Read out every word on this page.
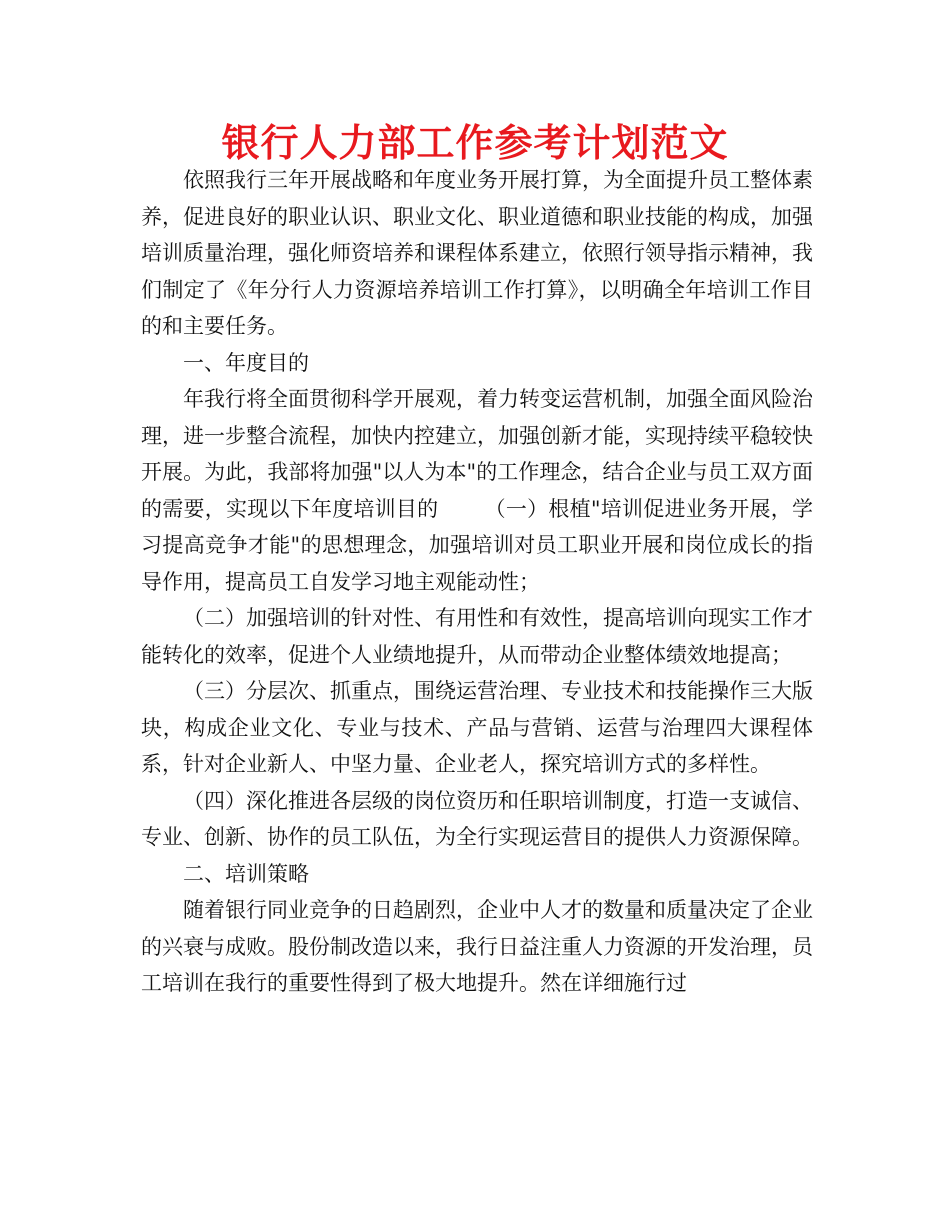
银行人力部工作参考计划范文

依照我行三年开展战略和年度业务开展打算，为全面提升员工整体素养，促进良好的职业认识、职业文化、职业道德和职业技能的构成，加强培训质量治理，强化师资培养和课程体系建立，依照行领导指示精神，我们制定了《年分行人力资源培养培训工作打算》，以明确全年培训工作目的和主要任务。

一、年度目的

年我行将全面贯彻科学开展观，着力转变运营机制，加强全面风险治理，进一步整合流程，加快内控建立，加强创新才能，实现持续平稳较快开展。为此，我部将加强"以人为本"的工作理念，结合企业与员工双方面的需要，实现以下年度培训目的 （一）根植"培训促进业务开展，学习提高竞争才能"的思想理念，加强培训对员工职业开展和岗位成长的指导作用，提高员工自发学习地主观能动性；

（二）加强培训的针对性、有用性和有效性，提高培训向现实工作才能转化的效率，促进个人业绩地提升，从而带动企业整体绩效地提高；

（三）分层次、抓重点，围绕运营治理、专业技术和技能操作三大版块，构成企业文化、专业与技术、产品与营销、运营与治理四大课程体系，针对企业新人、中坚力量、企业老人，探究培训方式的多样性。

（四）深化推进各层级的岗位资历和任职培训制度，打造一支诚信、专业、创新、协作的员工队伍，为全行实现运营目的提供人力资源保障。

二、培训策略

随着银行同业竞争的日趋剧烈，企业中人才的数量和质量决定了企业的兴衰与成败。股份制改造以来，我行日益注重人力资源的开发治理，员工培训在我行的重要性得到了极大地提升。然在详细施行过
